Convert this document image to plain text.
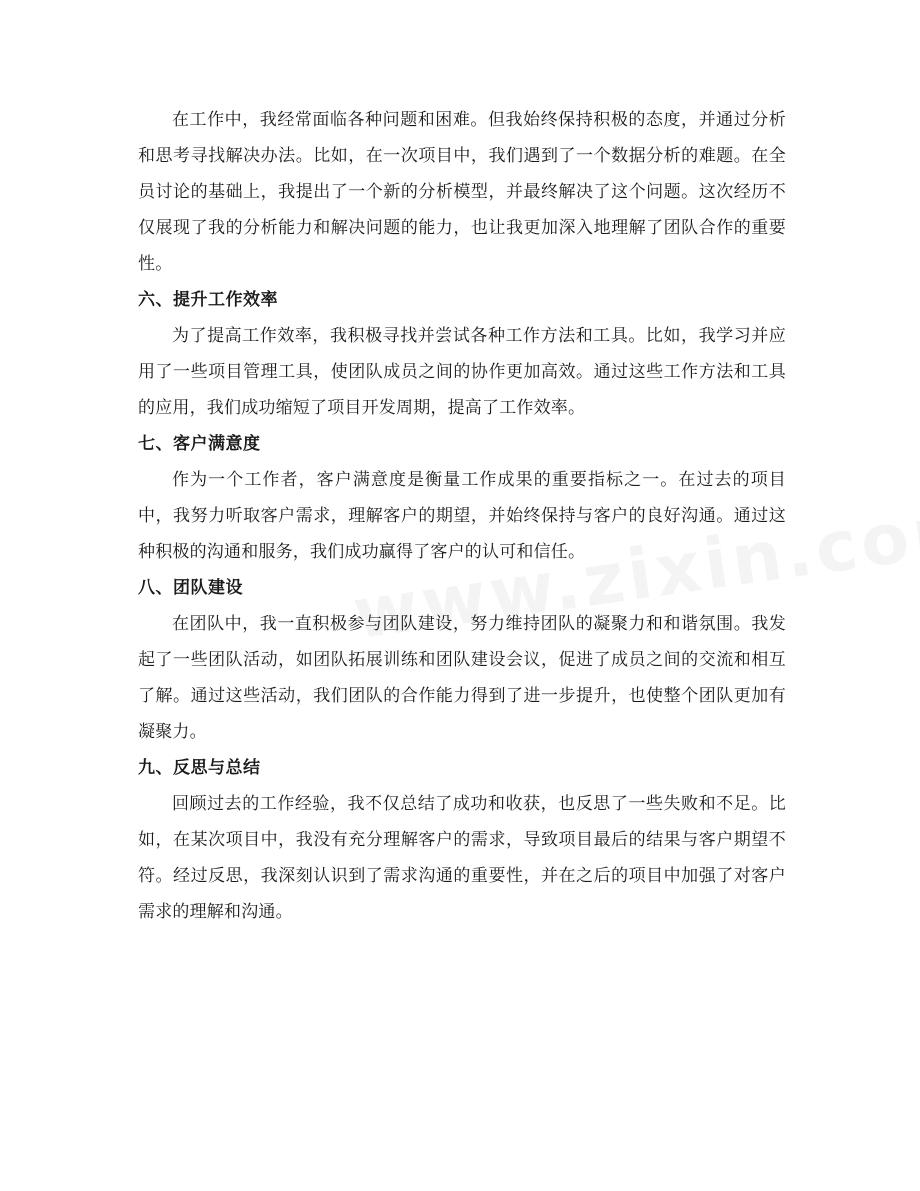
在工作中，我经常面临各种问题和困难。但我始终保持积极的态度，并通过分析和思考寻找解决办法。比如，在一次项目中，我们遇到了一个数据分析的难题。在全员讨论的基础上，我提出了一个新的分析模型，并最终解决了这个问题。这次经历不仅展现了我的分析能力和解决问题的能力，也让我更加深入地理解了团队合作的重要性。

六、提升工作效率

为了提高工作效率，我积极寻找并尝试各种工作方法和工具。比如，我学习并应用了一些项目管理工具，使团队成员之间的协作更加高效。通过这些工作方法和工具的应用，我们成功缩短了项目开发周期，提高了工作效率。

七、客户满意度

作为一个工作者，客户满意度是衡量工作成果的重要指标之一。在过去的项目中，我努力听取客户需求，理解客户的期望，并始终保持与客户的良好沟通。通过这种积极的沟通和服务，我们成功赢得了客户的认可和信任。

八、团队建设

在团队中，我一直积极参与团队建设，努力维持团队的凝聚力和和谐氛围。我发起了一些团队活动，如团队拓展训练和团队建设会议，促进了成员之间的交流和相互了解。通过这些活动，我们团队的合作能力得到了进一步提升，也使整个团队更加有凝聚力。

九、反思与总结

回顾过去的工作经验，我不仅总结了成功和收获，也反思了一些失败和不足。比如，在某次项目中，我没有充分理解客户的需求，导致项目最后的结果与客户期望不符。经过反思，我深刻认识到了需求沟通的重要性，并在之后的项目中加强了对客户需求的理解和沟通。
